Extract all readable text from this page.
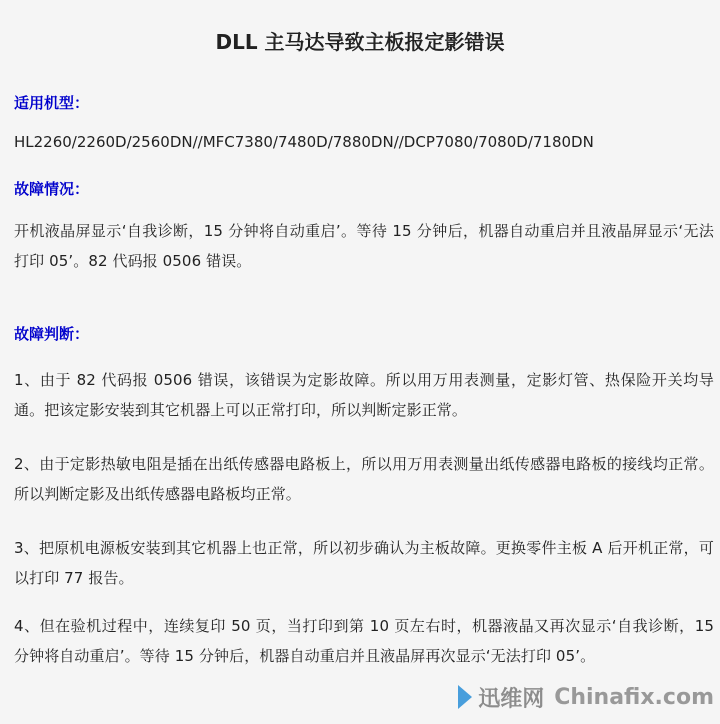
DLL 主马达导致主板报定影错误

适用机型：

HL2260/2260D/2560DN//MFC7380/7480D/7880DN//DCP7080/7080D/7180DN

故障情况：

开机液晶屏显示‘自我诊断，15 分钟将自动重启’。等待 15 分钟后，机器自动重启并且液晶屏显示‘无法打印 05’。82 代码报 0506 错误。

故障判断：

1、由于 82 代码报 0506 错误，该错误为定影故障。所以用万用表测量，定影灯管、热保险开关均导通。把该定影安装到其它机器上可以正常打印，所以判断定影正常。

2、由于定影热敏电阻是插在出纸传感器电路板上，所以用万用表测量出纸传感器电路板的接线均正常。所以判断定影及出纸传感器电路板均正常。

3、把原机电源板安装到其它机器上也正常，所以初步确认为主板故障。更换零件主板 A 后开机正常，可以打印 77 报告。

4、但在验机过程中，连续复印 50 页，当打印到第 10 页左右时，机器液晶又再次显示‘自我诊断，15 分钟将自动重启’。等待 15 分钟后，机器自动重启并且液晶屏再次显示‘无法打印 05’。

迅维网 Chinafix.com
